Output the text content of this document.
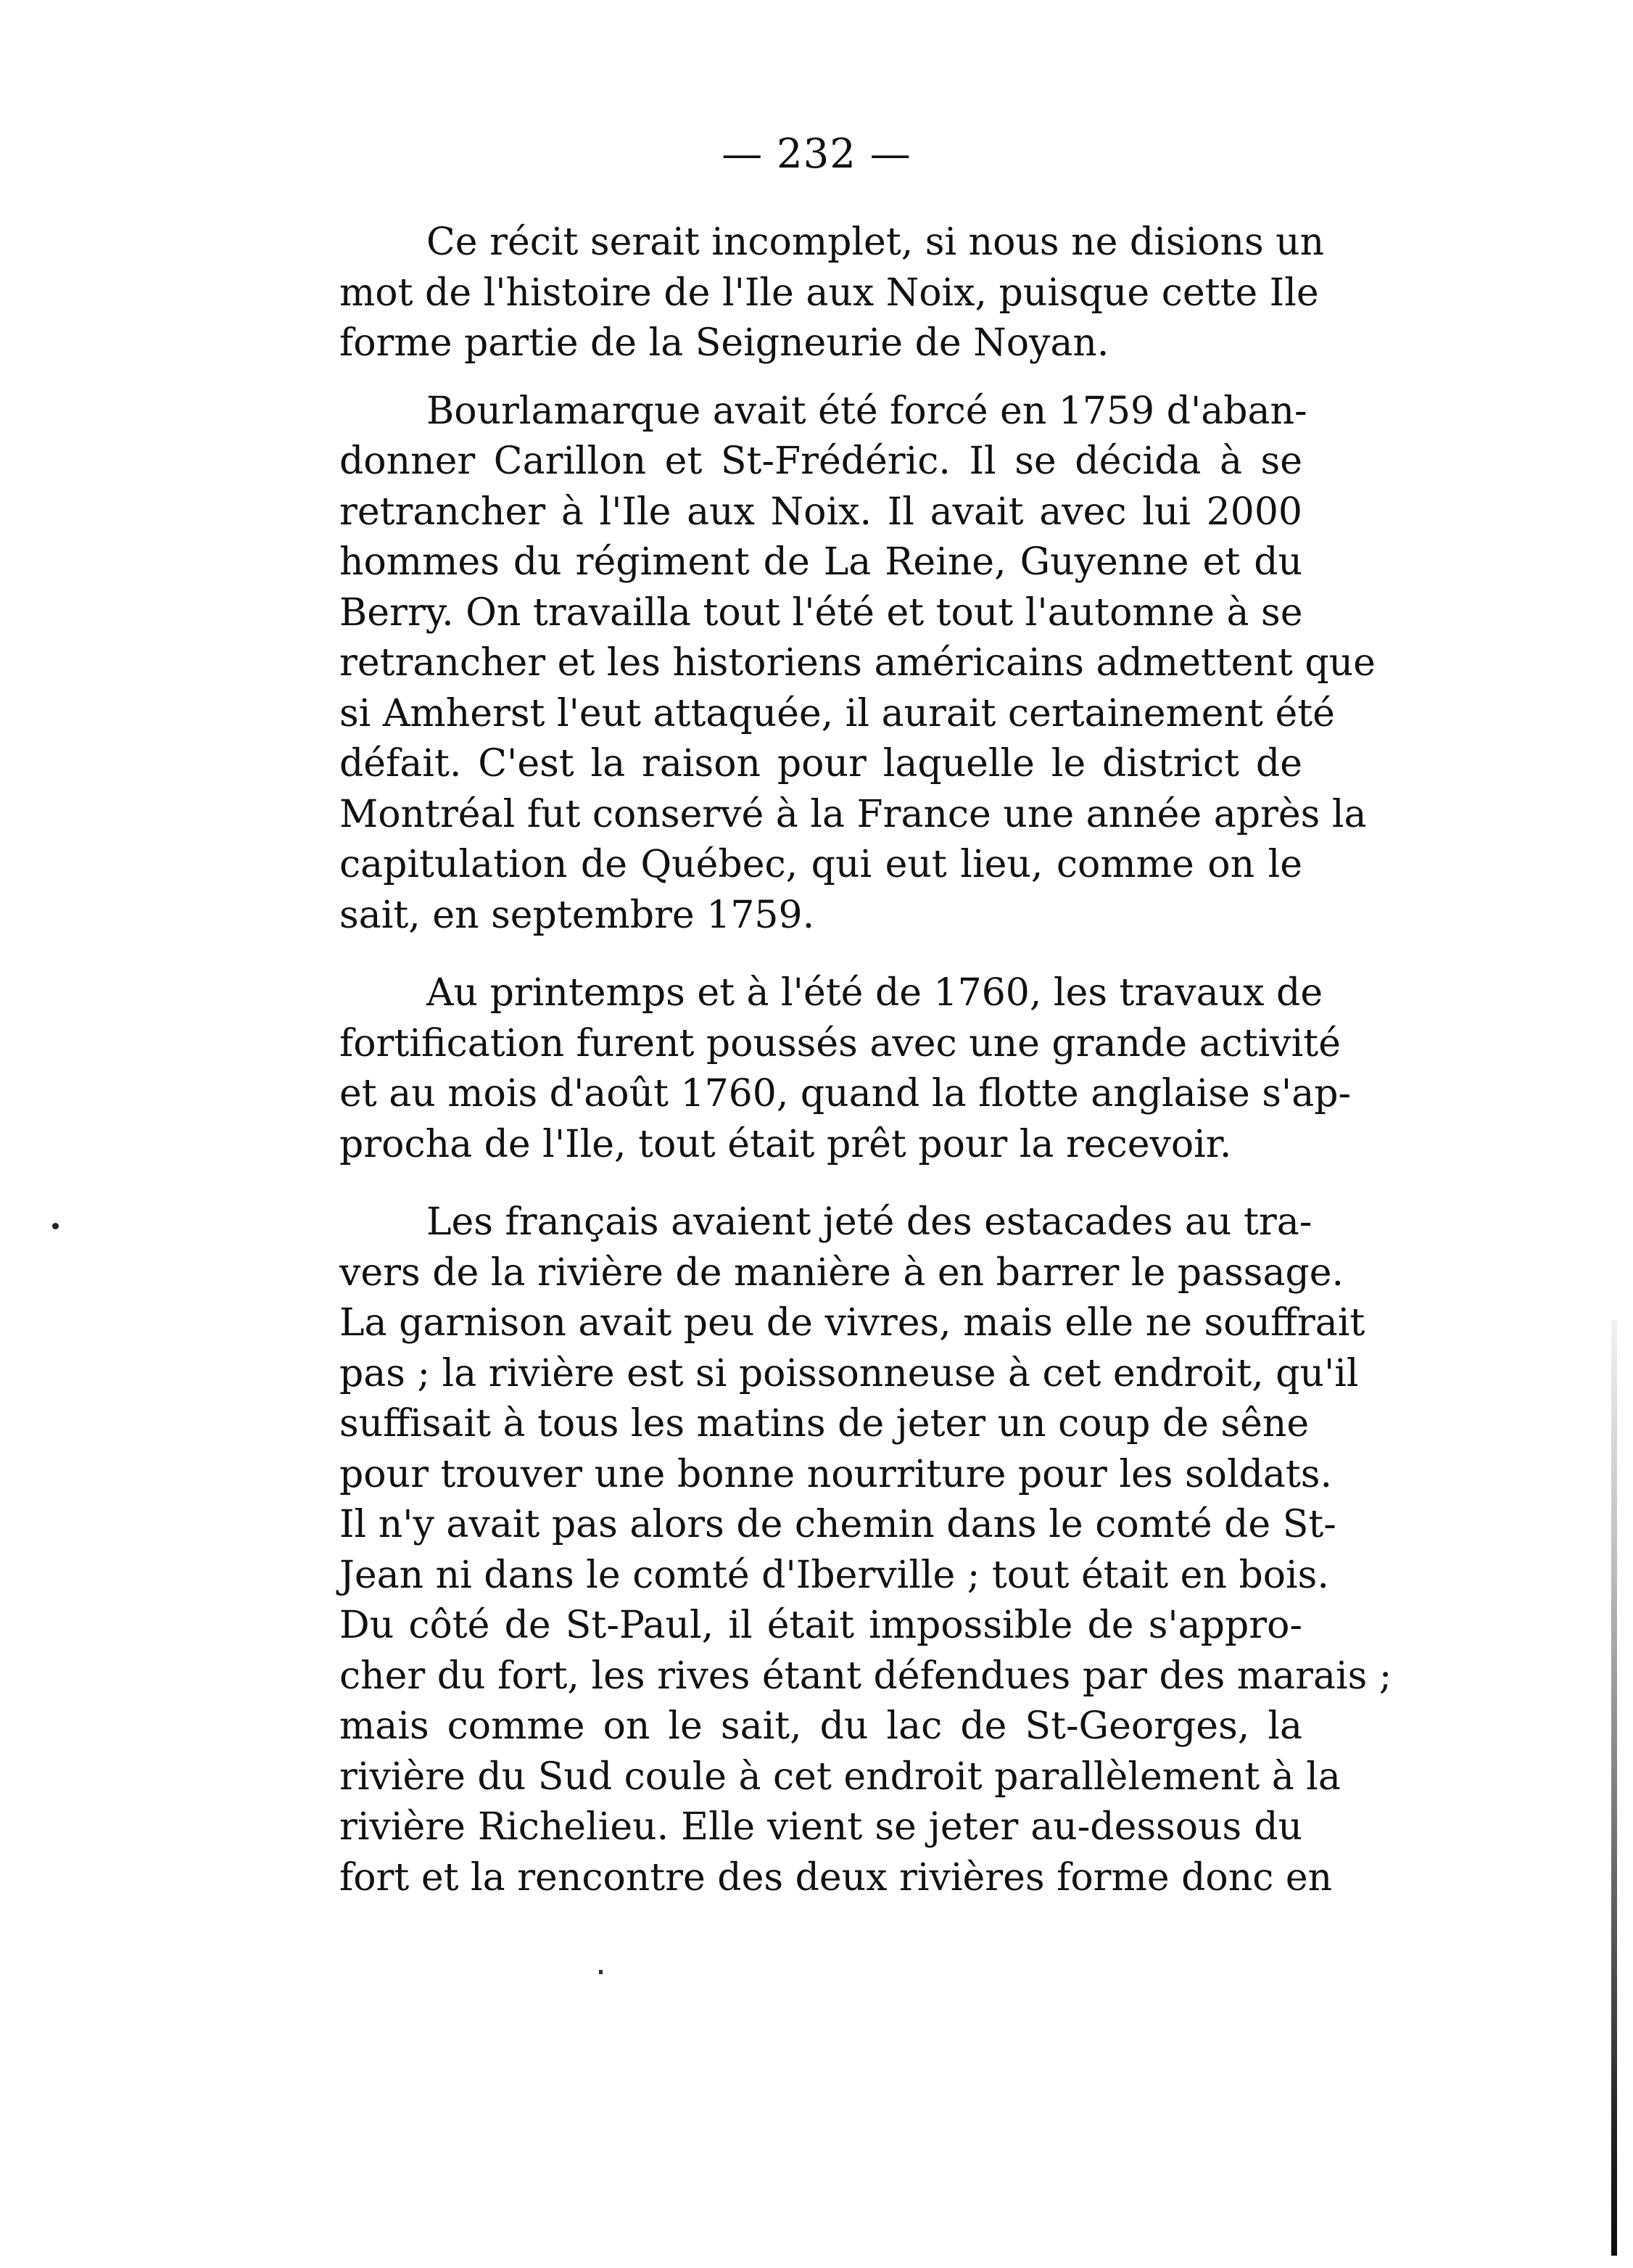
— 232 —
Ce récit serait incomplet, si nous ne disions un
mot de l'histoire de l'Ile aux Noix, puisque cette Ile
forme partie de la Seigneurie de Noyan.
Bourlamarque avait été forcé en 1759 d'aban-
donner Carillon et St-Frédéric. Il se décida à se
retrancher à l'Ile aux Noix. Il avait avec lui 2000
hommes du régiment de La Reine, Guyenne et du
Berry. On travailla tout l'été et tout l'automne à se
retrancher et les historiens américains admettent que
si Amherst l'eut attaquée, il aurait certainement été
défait. C'est la raison pour laquelle le district de
Montréal fut conservé à la France une année après la
capitulation de Québec, qui eut lieu, comme on le
sait, en septembre 1759.
Au printemps et à l'été de 1760, les travaux de
fortification furent poussés avec une grande activité
et au mois d'août 1760, quand la flotte anglaise s'ap-
procha de l'Ile, tout était prêt pour la recevoir.
Les français avaient jeté des estacades au tra-
vers de la rivière de manière à en barrer le passage.
La garnison avait peu de vivres, mais elle ne souffrait
pas ; la rivière est si poissonneuse à cet endroit, qu'il
suffisait à tous les matins de jeter un coup de sêne
pour trouver une bonne nourriture pour les soldats.
Il n'y avait pas alors de chemin dans le comté de St-
Jean ni dans le comté d'Iberville ; tout était en bois.
Du côté de St-Paul, il était impossible de s'appro-
cher du fort, les rives étant défendues par des marais ;
mais comme on le sait, du lac de St-Georges, la
rivière du Sud coule à cet endroit parallèlement à la
rivière Richelieu. Elle vient se jeter au-dessous du
fort et la rencontre des deux rivières forme donc en
